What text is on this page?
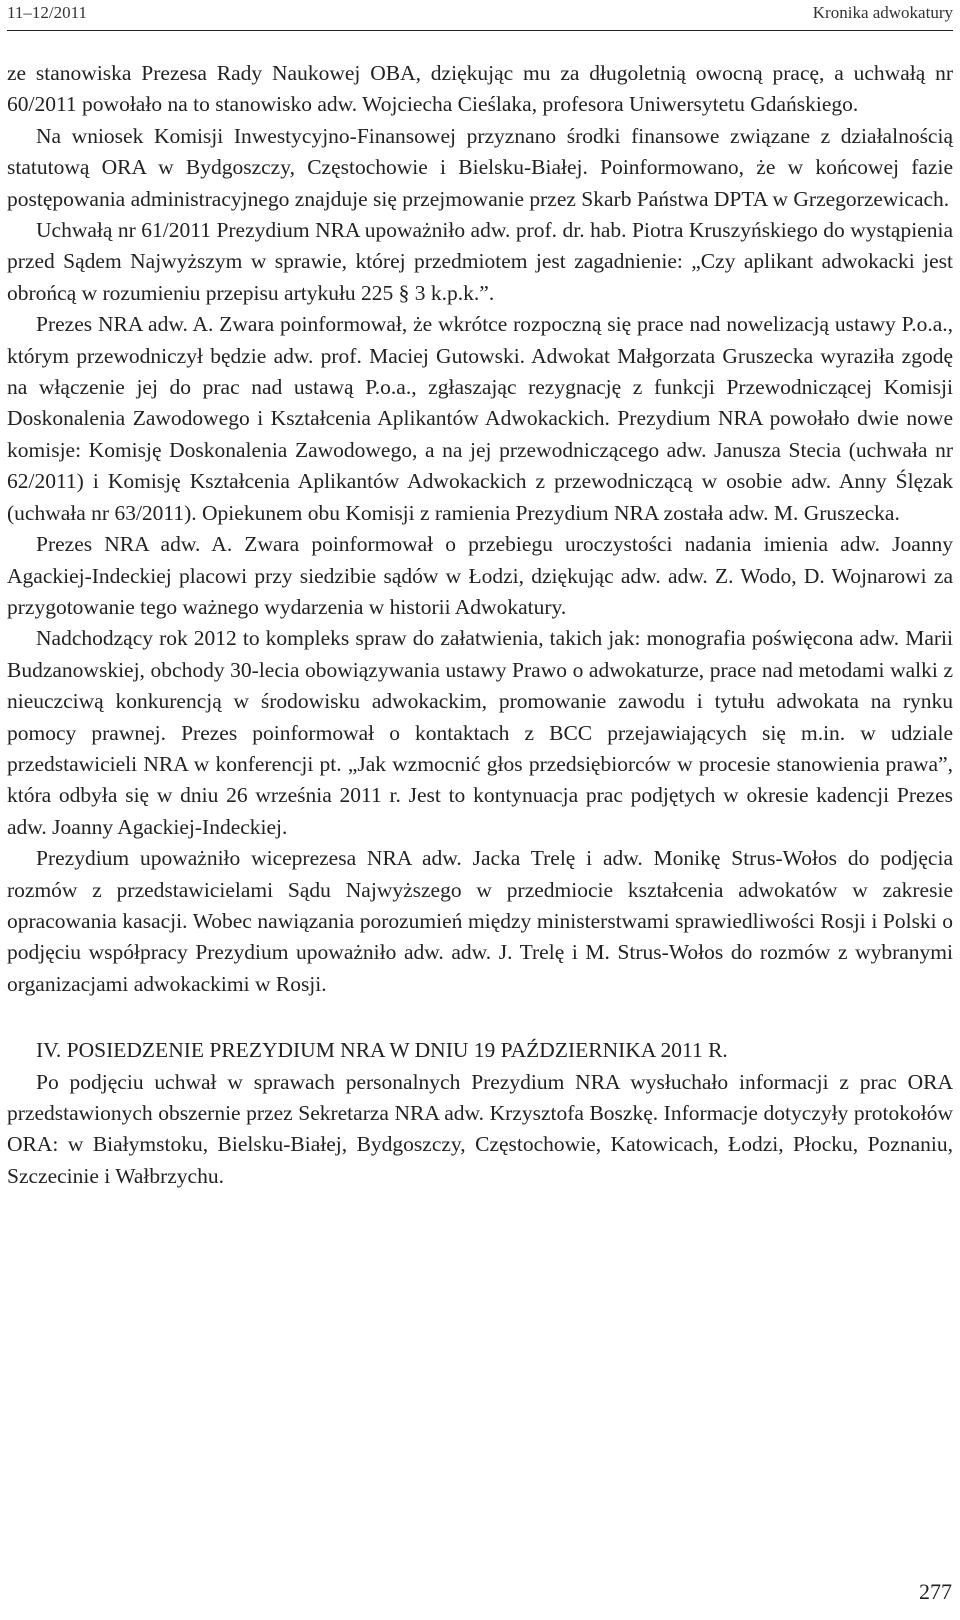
11–12/2011	Kronika adwokatury

ze stanowiska Prezesa Rady Naukowej OBA, dziękując mu za długoletnią owocną pracę, a uchwałą nr 60/2011 powołało na to stanowisko adw. Wojciecha Cieślaka, profesora Uniwersytetu Gdańskiego.

Na wniosek Komisji Inwestycyjno-Finansowej przyznano środki finansowe związane z działalnością statutową ORA w Bydgoszczy, Częstochowie i Bielsku-Białej. Poinformowano, że w końcowej fazie postępowania administracyjnego znajduje się przejmowanie przez Skarb Państwa DPTA w Grzegorzewicach.

Uchwałą nr 61/2011 Prezydium NRA upoważniło adw. prof. dr. hab. Piotra Kruszyńskiego do wystąpienia przed Sądem Najwyższym w sprawie, której przedmiotem jest zagadnienie: „Czy aplikant adwokacki jest obrońcą w rozumieniu przepisu artykułu 225 § 3 k.p.k.”.

Prezes NRA adw. A. Zwara poinformował, że wkrótce rozpoczną się prace nad nowelizacją ustawy P.o.a., którym przewodniczył będzie adw. prof. Maciej Gutowski. Adwokat Małgorzata Gruszecka wyraziła zgodę na włączenie jej do prac nad ustawą P.o.a., zgłaszając rezygnację z funkcji Przewodniczącej Komisji Doskonalenia Zawodowego i Kształcenia Aplikantów Adwokackich. Prezydium NRA powołało dwie nowe komisje: Komisję Doskonalenia Zawodowego, a na jej przewodniczącego adw. Janusza Stecia (uchwała nr 62/2011) i Komisję Kształcenia Aplikantów Adwokackich z przewodniczącą w osobie adw. Anny Ślęzak (uchwała nr 63/2011). Opiekunem obu Komisji z ramienia Prezydium NRA została adw. M. Gruszecka.

Prezes NRA adw. A. Zwara poinformował o przebiegu uroczystości nadania imienia adw. Joanny Agackiej-Indeckiej placowi przy siedzibie sądów w Łodzi, dziękując adw. adw. Z. Wodo, D. Wojnarowi za przygotowanie tego ważnego wydarzenia w historii Adwokatury.

Nadchodzący rok 2012 to kompleks spraw do załatwienia, takich jak: monografia poświęcona adw. Marii Budzanowskiej, obchody 30-lecia obowiązywania ustawy Prawo o adwokaturze, prace nad metodami walki z nieuczciwą konkurencją w środowisku adwokackim, promowanie zawodu i tytułu adwokata na rynku pomocy prawnej. Prezes poinformował o kontaktach z BCC przejawiających się m.in. w udziale przedstawicieli NRA w konferencji pt. „Jak wzmocnić głos przedsiębiorców w procesie stanowienia prawa”, która odbyła się w dniu 26 września 2011 r. Jest to kontynuacja prac podjętych w okresie kadencji Prezes adw. Joanny Agackiej-Indeckiej.

Prezydium upoważniło wiceprezesa NRA adw. Jacka Trelę i adw. Monikę Strus-Wołos do podjęcia rozmów z przedstawicielami Sądu Najwyższego w przedmiocie kształcenia adwokatów w zakresie opracowania kasacji. Wobec nawiązania porozumień między ministerstwami sprawiedliwości Rosji i Polski o podjęciu współpracy Prezydium upoważniło adw. adw. J. Trelę i M. Strus-Wołos do rozmów z wybranymi organizacjami adwokackimi w Rosji.

IV. POSIEDZENIE PREZYDIUM NRA W DNIU 19 PAŹDZIERNIKA 2011 R.

Po podjęciu uchwał w sprawach personalnych Prezydium NRA wysłuchało informacji z prac ORA przedstawionych obszernie przez Sekretarza NRA adw. Krzysztofa Boszkę. Informacje dotyczyły protokołów ORA: w Białymstoku, Bielsku-Białej, Bydgoszczy, Częstochowie, Katowicach, Łodzi, Płocku, Poznaniu, Szczecinie i Wałbrzychu.

277
